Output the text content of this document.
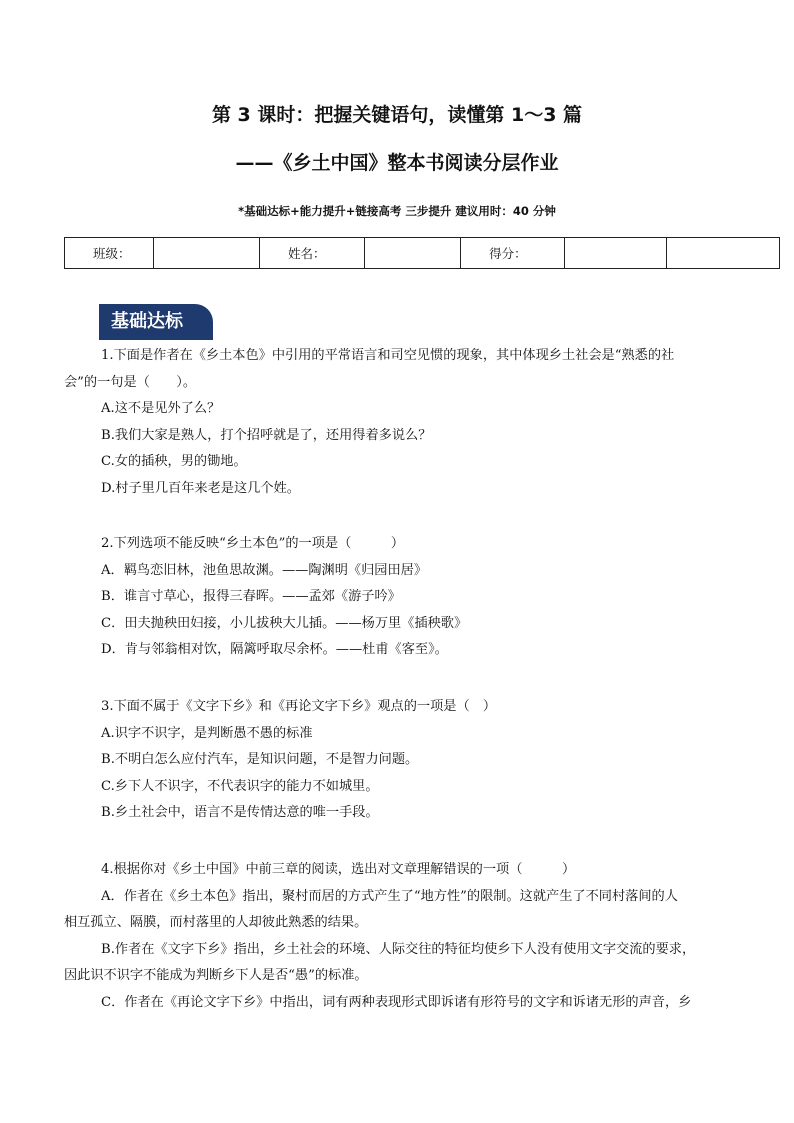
第 3 课时：把握关键语句，读懂第 1～3 篇
——《乡土中国》整本书阅读分层作业
*基础达标+能力提升+链接高考 三步提升 建议用时：40 分钟
班级：		姓名：		得分：		
基础达标
1.下面是作者在《乡土本色》中引用的平常语言和司空见惯的现象，其中体现乡土社会是“熟悉的社
会”的一句是（　　）。
A.这不是见外了么？
B.我们大家是熟人，打个招呼就是了，还用得着多说么？
C.女的插秧，男的锄地。
D.村子里几百年来老是这几个姓。
2.下列选项不能反映“乡土本色”的一项是（　　　）
A．羁鸟恋旧林，池鱼思故渊。——陶渊明《归园田居》
B．谁言寸草心，报得三春晖。——孟郊《游子吟》
C．田夫抛秧田妇接，小儿拔秧大儿插。——杨万里《插秧歌》
D．肯与邻翁相对饮，隔篱呼取尽余杯。——杜甫《客至》。
3.下面不属于《文字下乡》和《再论文字下乡》观点的一项是（　）
A.识字不识字，是判断愚不愚的标准
B.不明白怎么应付汽车，是知识问题，不是智力问题。
C.乡下人不识字，不代表识字的能力不如城里。
B.乡土社会中，语言不是传情达意的唯一手段。
4.根据你对《乡土中国》中前三章的阅读，选出对文章理解错误的一项（　　　）
A．作者在《乡土本色》指出，聚村而居的方式产生了“地方性”的限制。这就产生了不同村落间的人
相互孤立、隔膜，而村落里的人却彼此熟悉的结果。
B.作者在《文字下乡》指出，乡土社会的环境、人际交往的特征均使乡下人没有使用文字交流的要求，
因此识不识字不能成为判断乡下人是否“愚”的标准。
C．作者在《再论文字下乡》中指出，词有两种表现形式即诉诸有形符号的文字和诉诸无形的声音，乡
